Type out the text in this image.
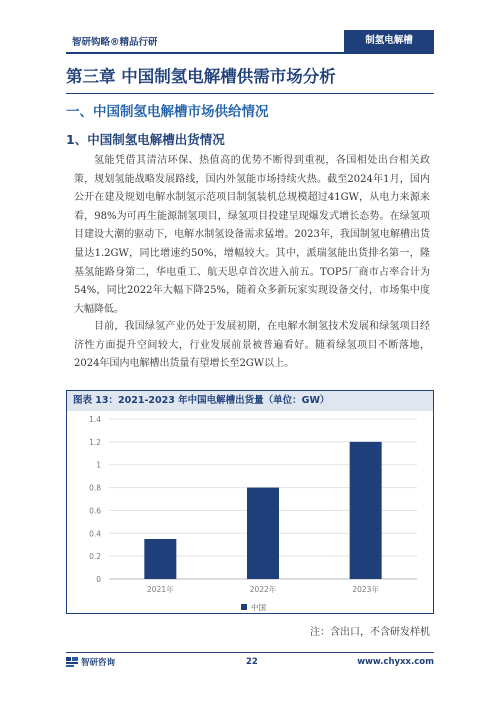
智研钩略®精品行研	制氢电解槽
第三章 中国制氢电解槽供需市场分析
一、中国制氢电解槽市场供给情况
1、中国制氢电解槽出货情况

氢能凭借其清洁环保、热值高的优势不断得到重视，各国相处出台相关政策，规划氢能战略发展路线，国内外氢能市场持续火热。截至2024年1月，国内公开在建及规划电解水制氢示范项目制氢装机总规模超过41GW，从电力来源来看，98%为可再生能源制氢项目，绿氢项目投建呈现爆发式增长态势。在绿氢项目建设大潮的驱动下，电解水制氢设备需求猛增。2023年，我国制氢电解槽出货量达1.2GW，同比增速约50%，增幅较大。其中，派瑞氢能出货排名第一，隆基氢能路身第二，华电重工、航天思卓首次进入前五。TOP5厂商市占率合计为54%，同比2022年大幅下降25%，随着众多新玩家实现设备交付，市场集中度大幅降低。

目前，我国绿氢产业仍处于发展初期，在电解水制氢技术发展和绿氢项目经济性方面提升空间较大，行业发展前景被普遍看好。随着绿氢项目不断落地，2024年国内电解槽出货量有望增长至2GW以上。

图表 13：2021-2023 年中国电解槽出货量（单位：GW）
0
0.2
0.4
0.6
0.8
1
1.2
1.4
2021年	2022年	2023年
中国
注：含出口，不含研发样机
智研咨询	22	www.chyxx.com
